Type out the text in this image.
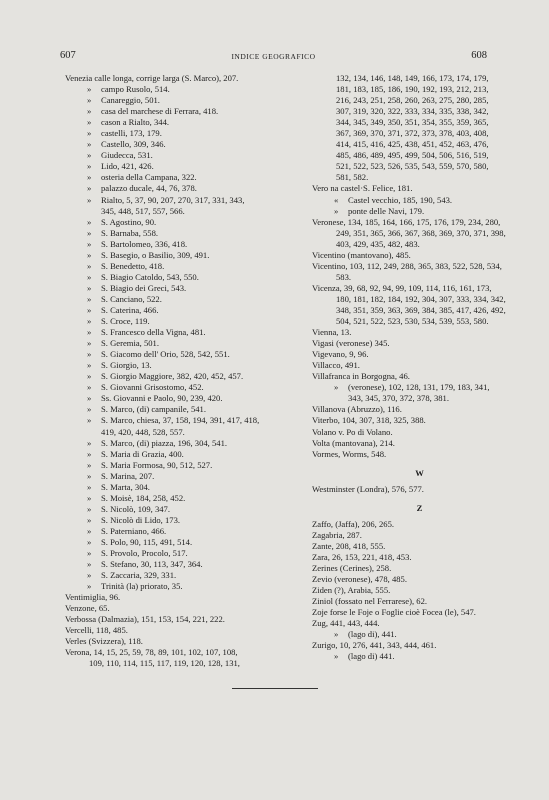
607	INDICE GEOGRAFICO	608
Venezia calle longa, corrige larga (S. Marco), 207.
» campo Rusolo, 514.
» Canareggio, 501.
» casa del marchese di Ferrara, 418.
» cason a Rialto, 344.
» castelli, 173, 179.
» Castello, 309, 346.
» Giudecca, 531.
» Lido, 421, 426.
» osteria della Campana, 322.
» palazzo ducale, 44, 76, 378.
» Rialto, 5, 37, 90, 207, 270, 317, 331, 343,
345, 448, 517, 557, 566.
» S. Agostino, 90.
» S. Barnaba, 558.
» S. Bartolomeo, 336, 418.
» S. Basegio, o Basilio, 309, 491.
» S. Benedetto, 418.
» S. Biagio Catoldo, 543, 550.
» S. Biagio dei Greci, 543.
» S. Canciano, 522.
» S. Caterina, 466.
» S. Croce, 119.
» S. Francesco della Vigna, 481.
» S. Geremia, 501.
» S. Giacomo dell' Orio, 528, 542, 551.
» S. Giorgio, 13.
» S. Giorgio Maggiore, 382, 420, 452, 457.
» S. Giovanni Grisostomo, 452.
» Ss. Giovanni e Paolo, 90, 239, 420.
» S. Marco, (di) campanile, 541.
» S. Marco, chiesa, 37, 158, 194, 391, 417, 418,
419, 420, 448, 528, 557.
» S. Marco, (di) piazza, 196, 304, 541.
» S. Maria di Grazia, 400.
» S. Maria Formosa, 90, 512, 527.
» S. Marina, 207.
» S. Marta, 304.
» S. Moisè, 184, 258, 452.
» S. Nicolò, 109, 347.
» S. Nicolò di Lido, 173.
» S. Paterniano, 466.
» S. Polo, 90, 115, 491, 514.
» S. Provolo, Procolo, 517.
» S. Stefano, 30, 113, 347, 364.
» S. Zaccaria, 329, 331.
» Trinità (la) priorato, 35.
Ventimiglia, 96.
Venzone, 65.
Verbossa (Dalmazia), 151, 153, 154, 221, 222.
Vercelli, 118, 485.
Verles (Svizzera), 118.
Verona, 14, 15, 25, 59, 78, 89, 101, 102, 107, 108,
109, 110, 114, 115, 117, 119, 120, 128, 131,
132, 134, 146, 148, 149, 166, 173, 174, 179,
181, 183, 185, 186, 190, 192, 193, 212, 213,
216, 243, 251, 258, 260, 263, 275, 280, 285,
307, 319, 320, 322, 333, 334, 335, 338, 342,
344, 345, 349, 350, 351, 354, 355, 359, 365,
367, 369, 370, 371, 372, 373, 378, 403, 408,
414, 415, 416, 425, 438, 451, 452, 463, 476,
485, 486, 489, 495, 499, 504, 506, 516, 519,
521, 522, 523, 526, 535, 543, 559, 570, 580,
581, 582.
Vero na castel·S. Felice, 181.
« Castel vecchio, 185, 190, 543.
» ponte delle Navi, 179.
Veronese, 134, 185, 164, 166, 175, 176, 179, 234, 280,
249, 351, 365, 366, 367, 368, 369, 370, 371, 398,
403, 429, 435, 482, 483.
Vicentino (mantovano), 485.
Vicentino, 103, 112, 249, 288, 365, 383, 522, 528, 534,
583.
Vicenza, 39, 68, 92, 94, 99, 109, 114, 116, 161, 173,
180, 181, 182, 184, 192, 304, 307, 333, 334, 342,
348, 351, 359, 363, 369, 384, 385, 417, 426, 492,
504, 521, 522, 523, 530, 534, 539, 553, 580.
Vienna, 13.
Vigasi (veronese) 345.
Vigevano, 9, 96.
Villacco, 491.
Villafranca in Borgogna, 46.
» (veronese), 102, 128, 131, 179, 183, 341,
343, 345, 370, 372, 378, 381.
Villanova (Abruzzo), 116.
Viterbo, 104, 307, 318, 325, 388.
Volano v. Po di Volano.
Volta (mantovana), 214.
Vormes, Worms, 548.
W
Westminster (Londra), 576, 577.
Z
Zaffo, (Jaffa), 206, 265.
Zagabria, 287.
Zante, 208, 418, 555.
Zara, 26, 153, 221, 418, 453.
Zerines (Cerines), 258.
Zevio (veronese), 478, 485.
Ziden (?), Arabia, 555.
Ziniol (fossato nel Ferrarese), 62.
Zoje forse le Foje o Foglie cioè Focea (le), 547.
Zug, 441, 443, 444.
» (lago di), 441.
Zurigo, 10, 276, 441, 343, 444, 461.
» (lago di) 441.
